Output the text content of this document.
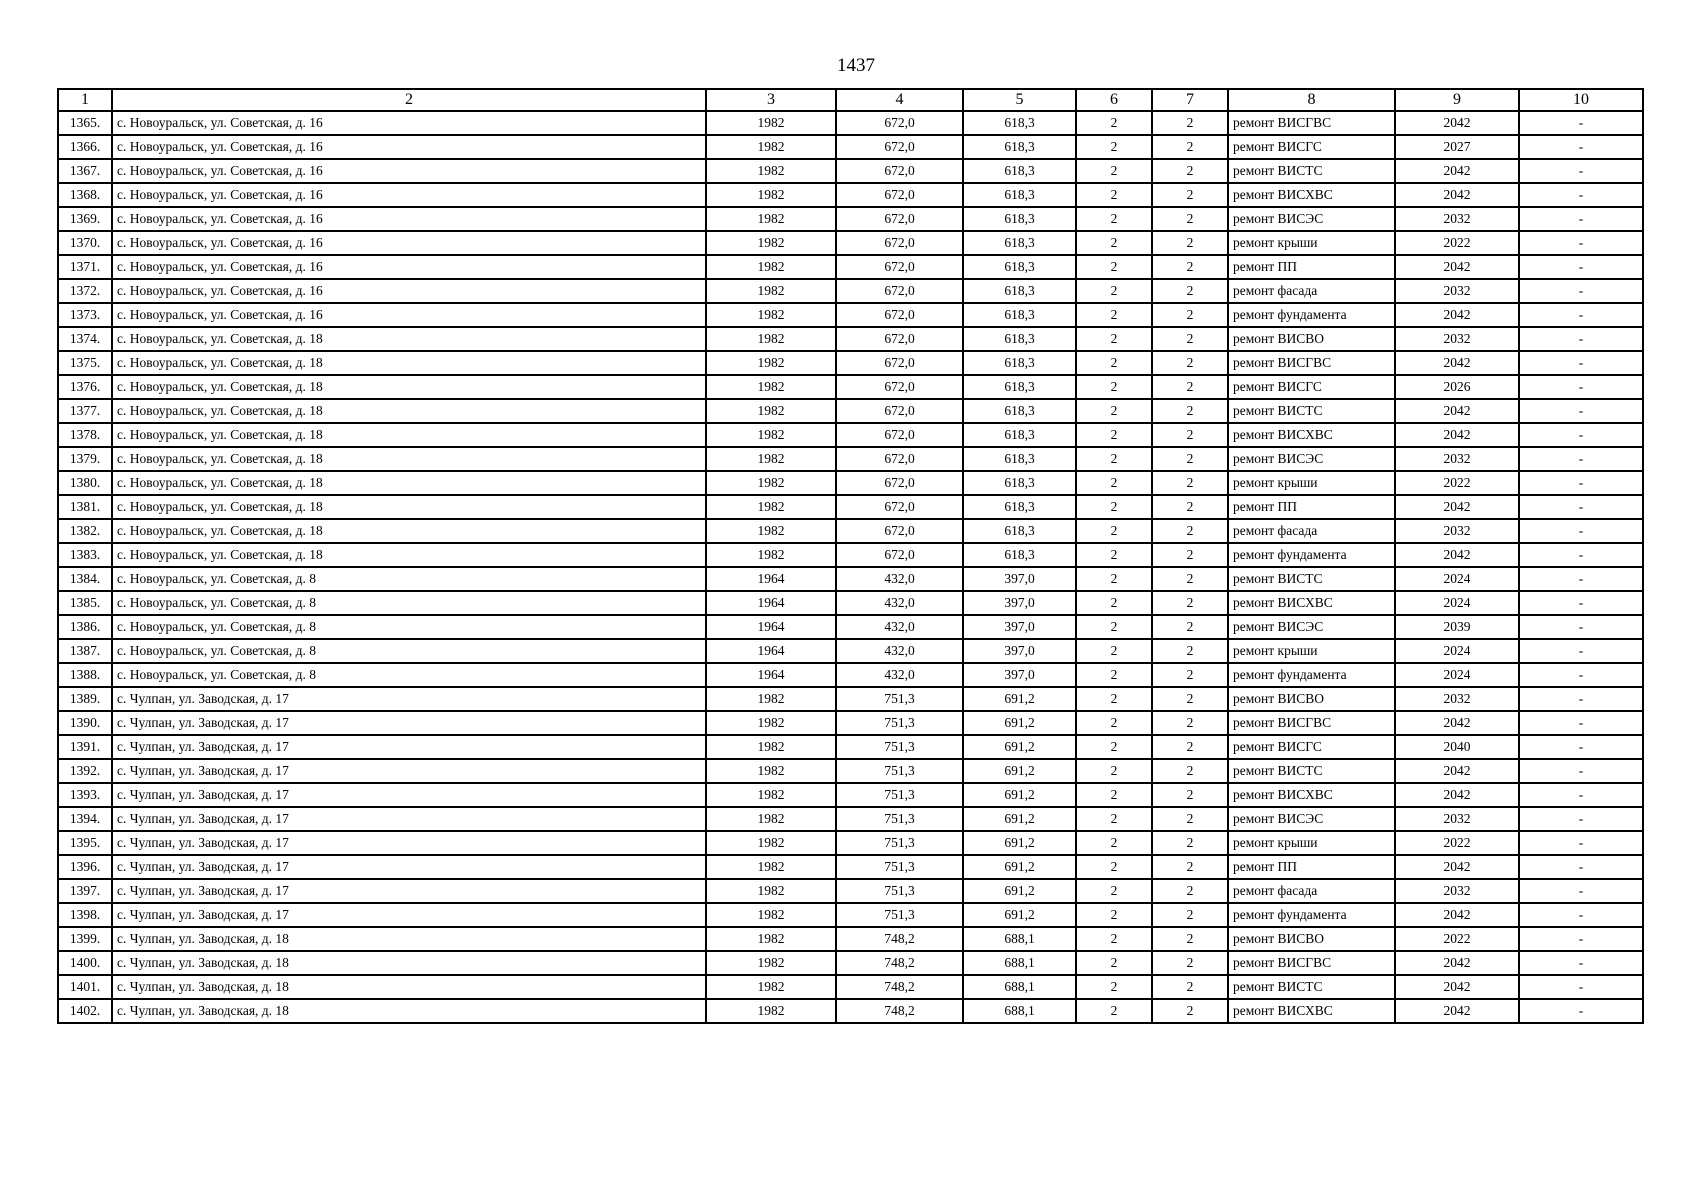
1437
1	2	3	4	5	6	7	8	9	10
1365.	с. Новоуральск, ул. Советская, д. 16	1982	672,0	618,3	2	2	ремонт ВИСГВС	2042	-
1366.	с. Новоуральск, ул. Советская, д. 16	1982	672,0	618,3	2	2	ремонт ВИСГС	2027	-
1367.	с. Новоуральск, ул. Советская, д. 16	1982	672,0	618,3	2	2	ремонт ВИСТС	2042	-
1368.	с. Новоуральск, ул. Советская, д. 16	1982	672,0	618,3	2	2	ремонт ВИСХВС	2042	-
1369.	с. Новоуральск, ул. Советская, д. 16	1982	672,0	618,3	2	2	ремонт ВИСЭС	2032	-
1370.	с. Новоуральск, ул. Советская, д. 16	1982	672,0	618,3	2	2	ремонт крыши	2022	-
1371.	с. Новоуральск, ул. Советская, д. 16	1982	672,0	618,3	2	2	ремонт ПП	2042	-
1372.	с. Новоуральск, ул. Советская, д. 16	1982	672,0	618,3	2	2	ремонт фасада	2032	-
1373.	с. Новоуральск, ул. Советская, д. 16	1982	672,0	618,3	2	2	ремонт фундамента	2042	-
1374.	с. Новоуральск, ул. Советская, д. 18	1982	672,0	618,3	2	2	ремонт ВИСВО	2032	-
1375.	с. Новоуральск, ул. Советская, д. 18	1982	672,0	618,3	2	2	ремонт ВИСГВС	2042	-
1376.	с. Новоуральск, ул. Советская, д. 18	1982	672,0	618,3	2	2	ремонт ВИСГС	2026	-
1377.	с. Новоуральск, ул. Советская, д. 18	1982	672,0	618,3	2	2	ремонт ВИСТС	2042	-
1378.	с. Новоуральск, ул. Советская, д. 18	1982	672,0	618,3	2	2	ремонт ВИСХВС	2042	-
1379.	с. Новоуральск, ул. Советская, д. 18	1982	672,0	618,3	2	2	ремонт ВИСЭС	2032	-
1380.	с. Новоуральск, ул. Советская, д. 18	1982	672,0	618,3	2	2	ремонт крыши	2022	-
1381.	с. Новоуральск, ул. Советская, д. 18	1982	672,0	618,3	2	2	ремонт ПП	2042	-
1382.	с. Новоуральск, ул. Советская, д. 18	1982	672,0	618,3	2	2	ремонт фасада	2032	-
1383.	с. Новоуральск, ул. Советская, д. 18	1982	672,0	618,3	2	2	ремонт фундамента	2042	-
1384.	с. Новоуральск, ул. Советская, д. 8	1964	432,0	397,0	2	2	ремонт ВИСТС	2024	-
1385.	с. Новоуральск, ул. Советская, д. 8	1964	432,0	397,0	2	2	ремонт ВИСХВС	2024	-
1386.	с. Новоуральск, ул. Советская, д. 8	1964	432,0	397,0	2	2	ремонт ВИСЭС	2039	-
1387.	с. Новоуральск, ул. Советская, д. 8	1964	432,0	397,0	2	2	ремонт крыши	2024	-
1388.	с. Новоуральск, ул. Советская, д. 8	1964	432,0	397,0	2	2	ремонт фундамента	2024	-
1389.	с. Чулпан, ул. Заводская, д. 17	1982	751,3	691,2	2	2	ремонт ВИСВО	2032	-
1390.	с. Чулпан, ул. Заводская, д. 17	1982	751,3	691,2	2	2	ремонт ВИСГВС	2042	-
1391.	с. Чулпан, ул. Заводская, д. 17	1982	751,3	691,2	2	2	ремонт ВИСГС	2040	-
1392.	с. Чулпан, ул. Заводская, д. 17	1982	751,3	691,2	2	2	ремонт ВИСТС	2042	-
1393.	с. Чулпан, ул. Заводская, д. 17	1982	751,3	691,2	2	2	ремонт ВИСХВС	2042	-
1394.	с. Чулпан, ул. Заводская, д. 17	1982	751,3	691,2	2	2	ремонт ВИСЭС	2032	-
1395.	с. Чулпан, ул. Заводская, д. 17	1982	751,3	691,2	2	2	ремонт крыши	2022	-
1396.	с. Чулпан, ул. Заводская, д. 17	1982	751,3	691,2	2	2	ремонт ПП	2042	-
1397.	с. Чулпан, ул. Заводская, д. 17	1982	751,3	691,2	2	2	ремонт фасада	2032	-
1398.	с. Чулпан, ул. Заводская, д. 17	1982	751,3	691,2	2	2	ремонт фундамента	2042	-
1399.	с. Чулпан, ул. Заводская, д. 18	1982	748,2	688,1	2	2	ремонт ВИСВО	2022	-
1400.	с. Чулпан, ул. Заводская, д. 18	1982	748,2	688,1	2	2	ремонт ВИСГВС	2042	-
1401.	с. Чулпан, ул. Заводская, д. 18	1982	748,2	688,1	2	2	ремонт ВИСТС	2042	-
1402.	с. Чулпан, ул. Заводская, д. 18	1982	748,2	688,1	2	2	ремонт ВИСХВС	2042	-
